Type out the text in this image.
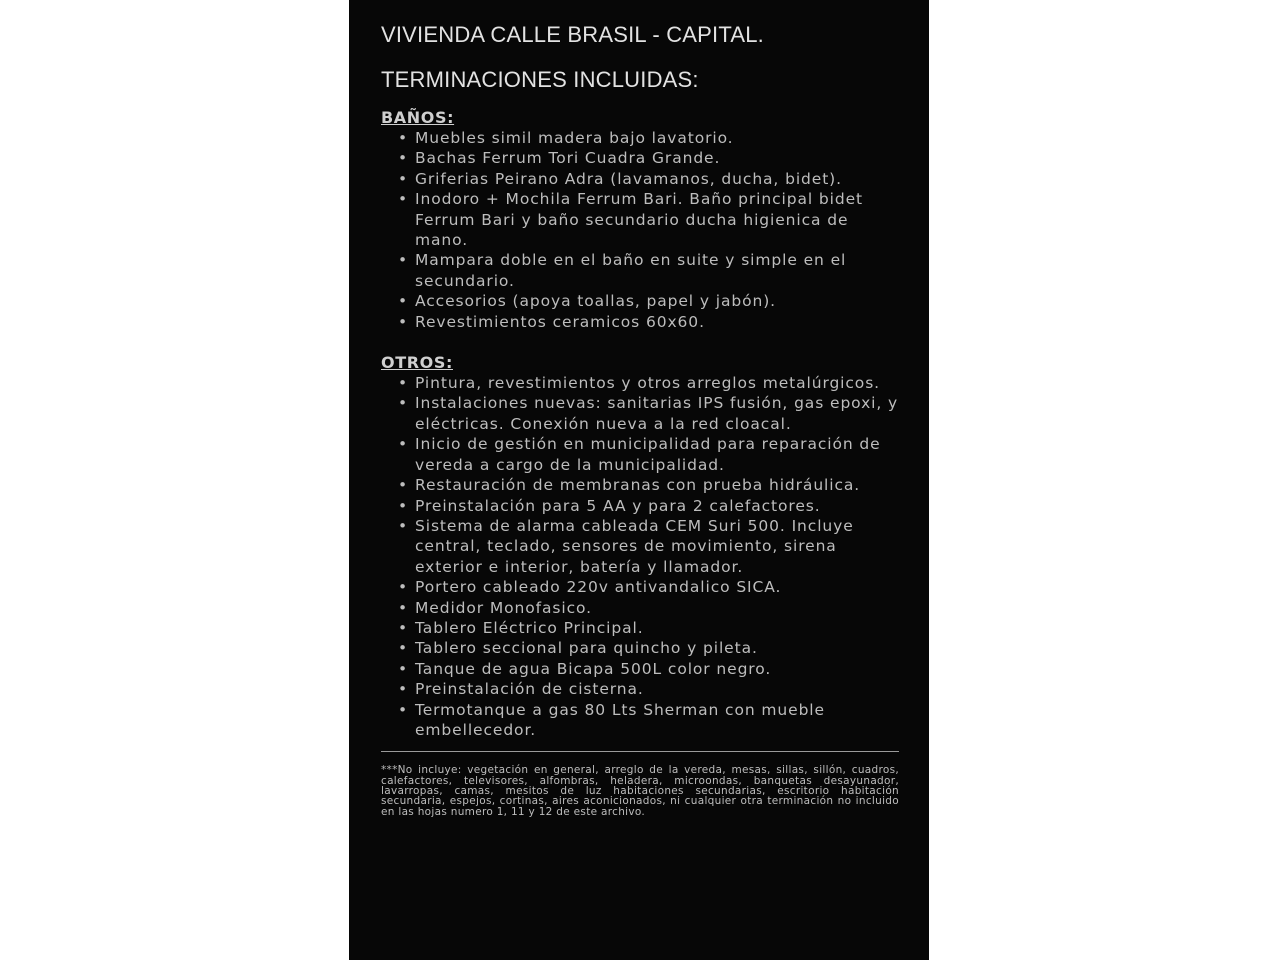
VIVIENDA CALLE BRASIL - CAPITAL.
TERMINACIONES INCLUIDAS:
BAÑOS:
• Muebles simil madera bajo lavatorio.
• Bachas Ferrum Tori Cuadra Grande.
• Griferias Peirano Adra (lavamanos, ducha, bidet).
• Inodoro + Mochila Ferrum Bari. Baño principal bidet Ferrum Bari y baño secundario ducha higienica de mano.
• Mampara doble en el baño en suite y simple en el secundario.
• Accesorios (apoya toallas, papel y jabón).
• Revestimientos ceramicos 60x60.
OTROS:
• Pintura, revestimientos y otros arreglos metalúrgicos.
• Instalaciones nuevas: sanitarias IPS fusión, gas epoxi, y eléctricas. Conexión nueva a la red cloacal.
• Inicio de gestión en municipalidad para reparación de vereda a cargo de la municipalidad.
• Restauración de membranas con prueba hidráulica.
• Preinstalación para 5 AA y para 2 calefactores.
• Sistema de alarma cableada CEM Suri 500. Incluye central, teclado, sensores de movimiento, sirena exterior e interior, batería y llamador.
• Portero cableado 220v antivandalico SICA.
• Medidor Monofasico.
• Tablero Eléctrico Principal.
• Tablero seccional para quincho y pileta.
• Tanque de agua Bicapa 500L color negro.
• Preinstalación de cisterna.
• Termotanque a gas 80 Lts Sherman con mueble embellecedor.

***No incluye: vegetación en general, arreglo de la vereda, mesas, sillas, sillón, cuadros, calefactores, televisores, alfombras, heladera, microondas, banquetas desayunador, lavarropas, camas, mesitos de luz habitaciones secundarias, escritorio habitación secundaria, espejos, cortinas, aires aconicionados, ni cualquier otra terminación no incluido en las hojas numero 1, 11 y 12 de este archivo.
